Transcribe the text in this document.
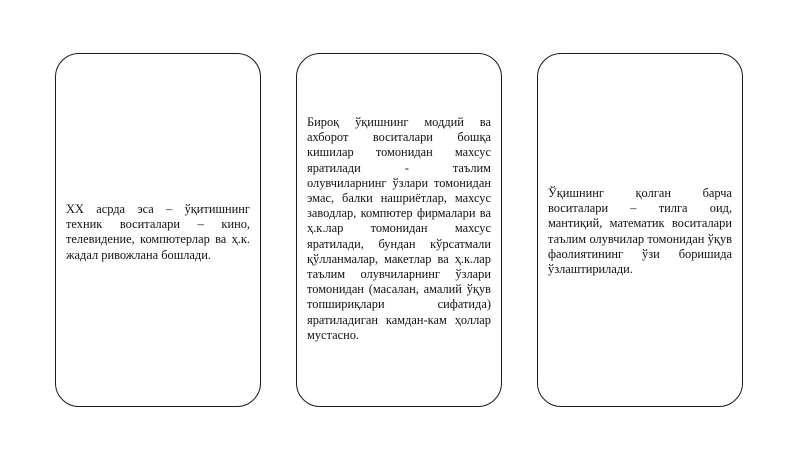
XX асрда эса – ўқитишнинг техник воситалари – кино, телевидение, компютерлар ва ҳ.к. жадал ривожлана бошлади.

Бироқ ўқишнинг моддий ва ахборот воситалари бошқа кишилар томонидан махсус яратилади - таълим олувчиларнинг ўзлари томонидан эмас, балки нашриётлар, махсус заводлар, компютер фирмалари ва ҳ.к.лар томонидан махсус яратилади, бундан кўрсатмали қўлланмалар, макетлар ва ҳ.к.лар таълим олувчиларнинг ўзлари томонидан (масалан, амалий ўқув топшириқлари сифатида) яратиладиган камдан-кам ҳоллар мустасно.

Ўқишнинг қолган барча воситалари – тилга оид, мантиқий, математик воситалари таълим олувчилар томонидан ўқув фаолиятининг ўзи боришида ўзлаштирилади.
